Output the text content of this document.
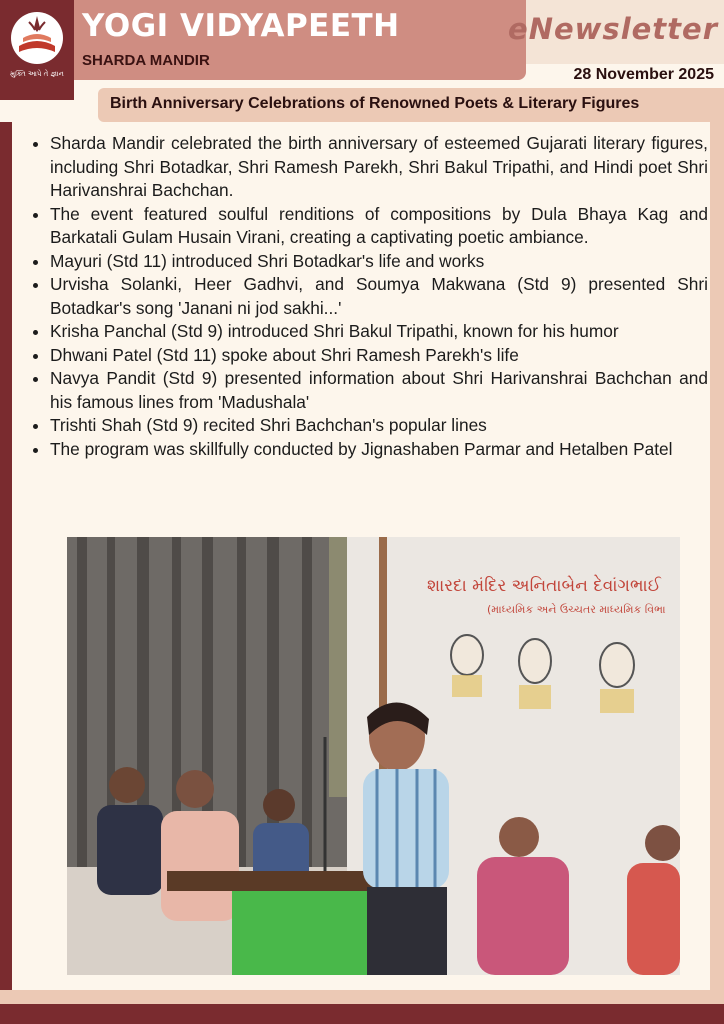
મુક્તિ આપે તે જ્ઞાન
YOGI VIDYAPEETH
SHARDA MANDIR
eNewsletter
28 November 2025
Birth Anniversary Celebrations of Renowned Poets & Literary Figures
• Sharda Mandir celebrated the birth anniversary of esteemed Gujarati literary figures, including Shri Botadkar, Shri Ramesh Parekh, Shri Bakul Tripathi, and Hindi poet Shri Harivanshrai Bachchan.
• The event featured soulful renditions of compositions by Dula Bhaya Kag and Barkatali Gulam Husain Virani, creating a captivating poetic ambiance.
• Mayuri (Std 11) introduced Shri Botadkar's life and works
• Urvisha Solanki, Heer Gadhvi, and Soumya Makwana (Std 9) presented Shri Botadkar's song 'Janani ni jod sakhi...'
• Krisha Panchal (Std 9) introduced Shri Bakul Tripathi, known for his humor
• Dhwani Patel (Std 11) spoke about Shri Ramesh Parekh's life
• Navya Pandit (Std 9) presented information about Shri Harivanshrai Bachchan and his famous lines from 'Madushala'
• Trishti Shah (Std 9) recited Shri Bachchan's popular lines
• The program was skillfully conducted by Jignashaben Parmar and Hetalben Patel
શારદા મંદિર અનિતાબેન દેવાંગભાઈ
(માધ્યમિક અને ઉચ્ચતર માધ્યમિક વિભા
